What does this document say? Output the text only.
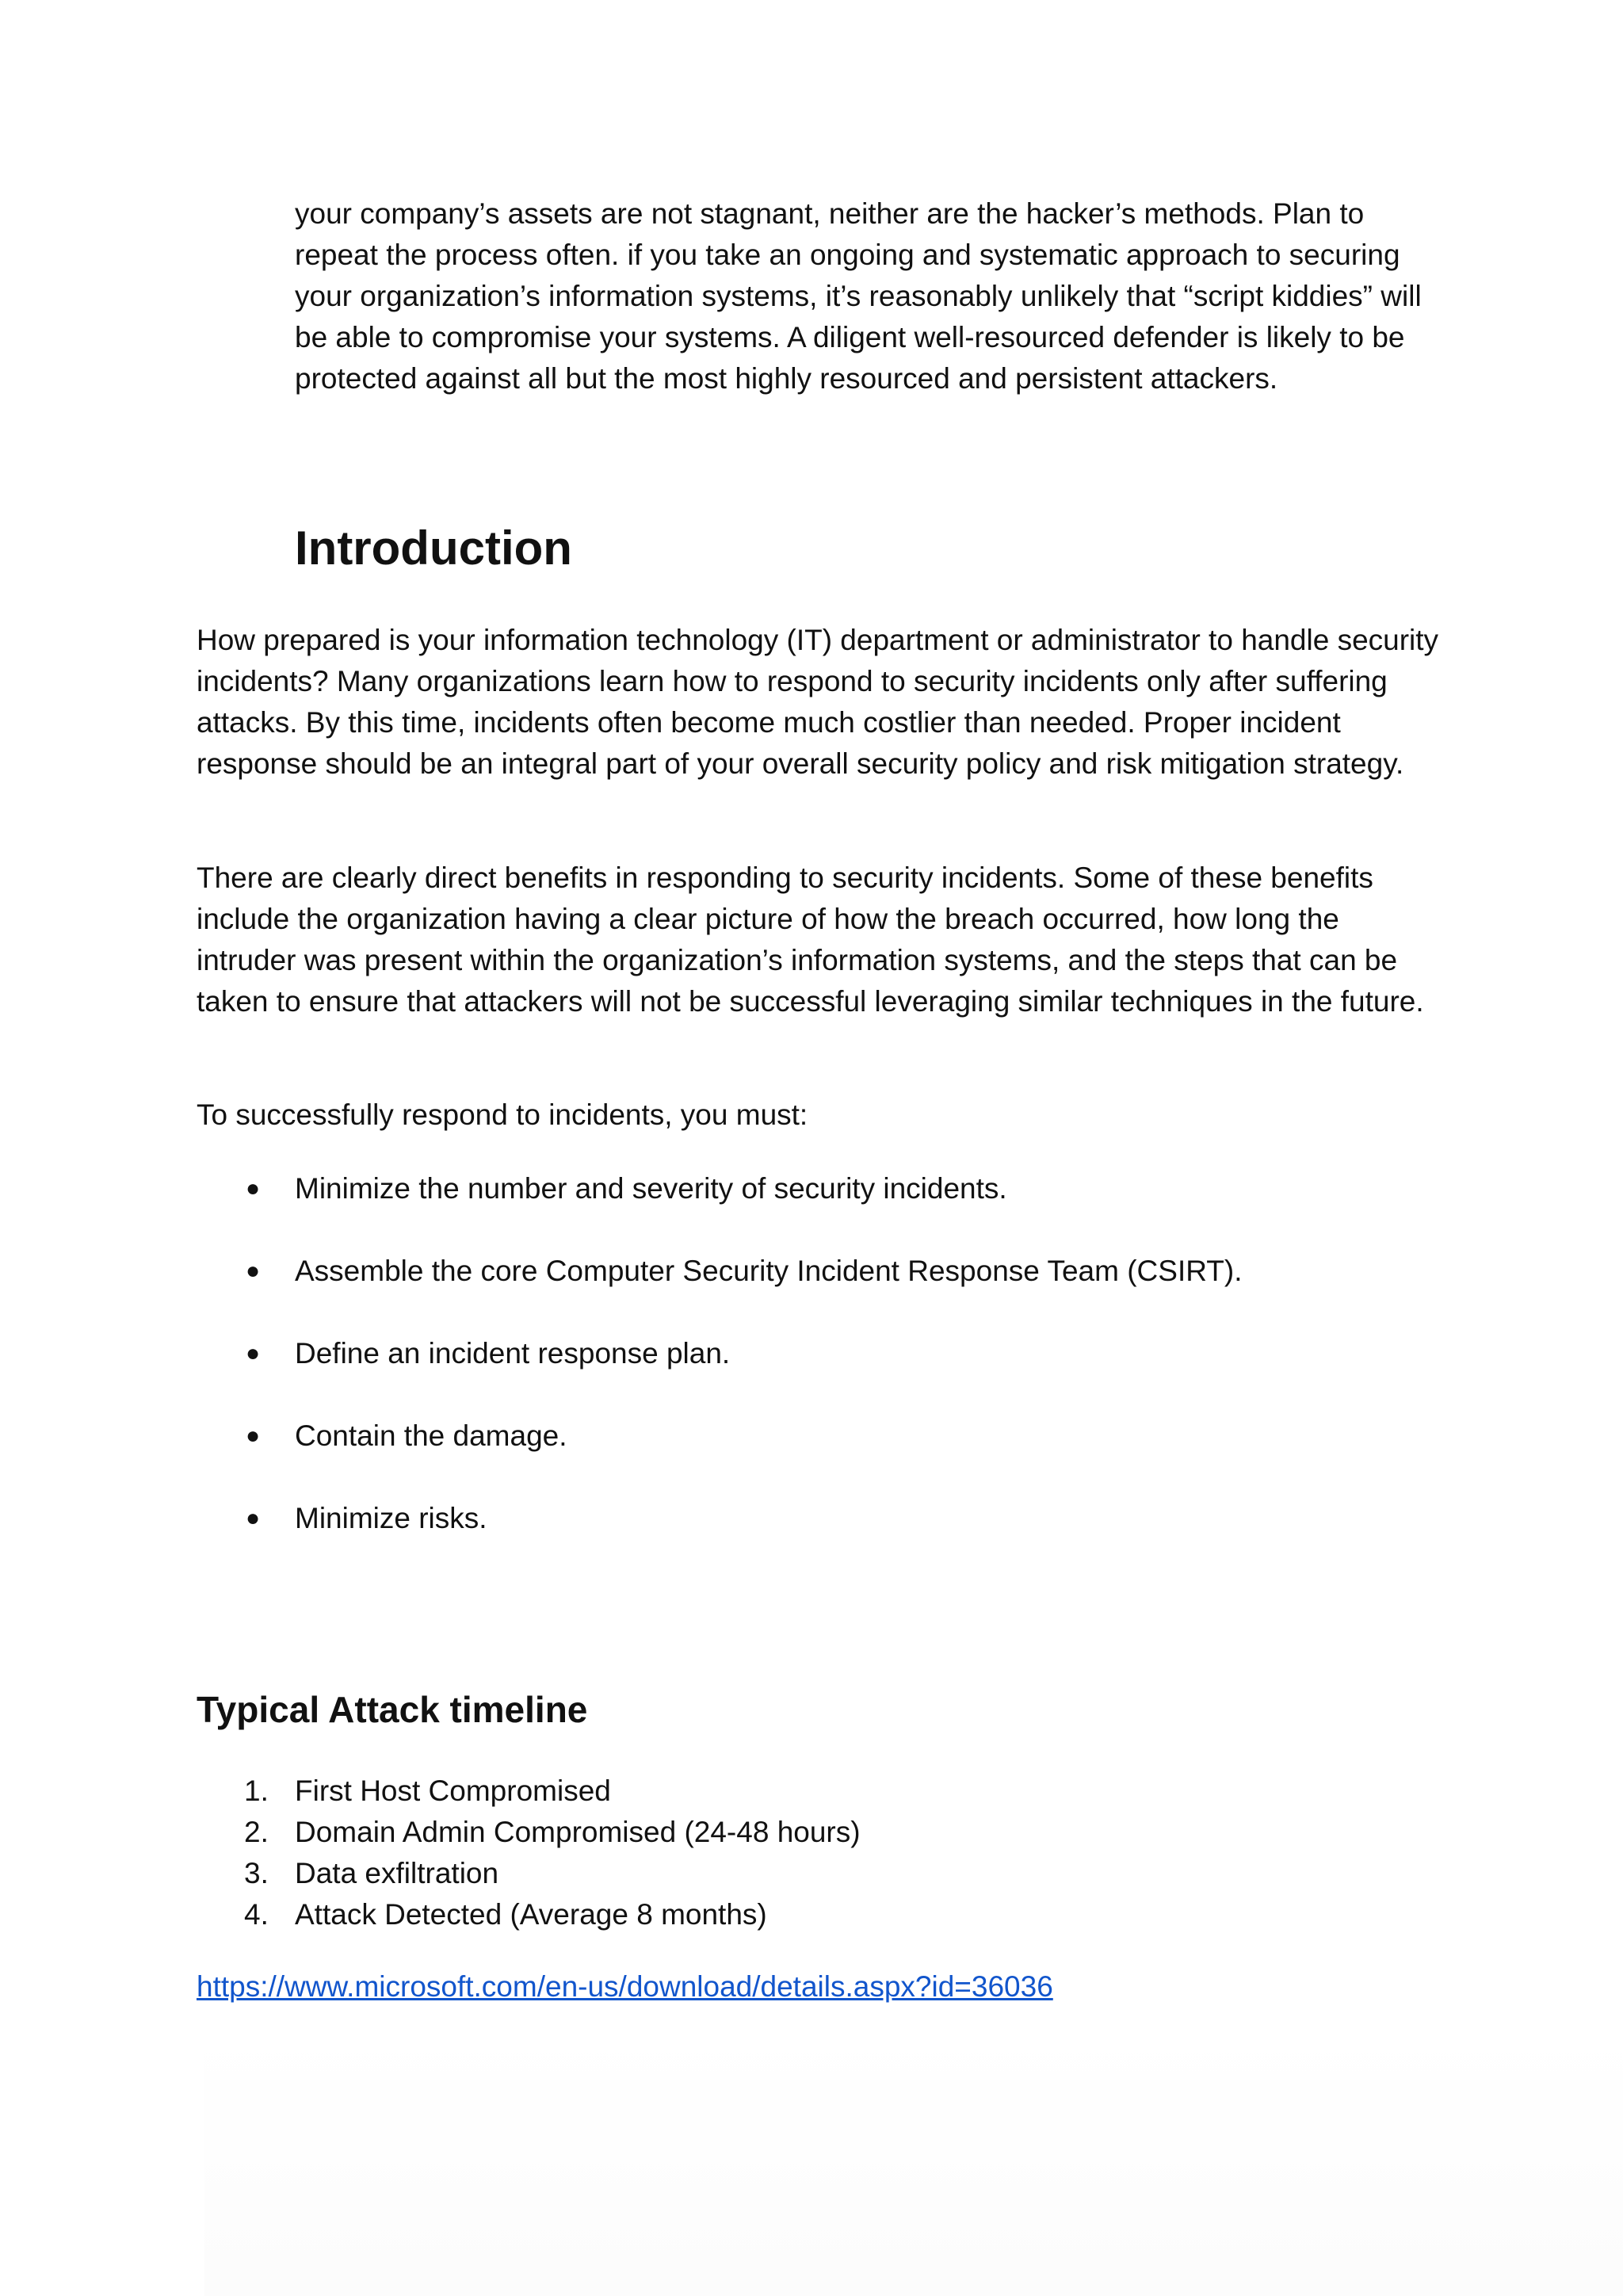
your company’s assets are not stagnant, neither are the hacker’s methods. Plan to repeat the process often. if you take an ongoing and systematic approach to securing your organization’s information systems, it’s reasonably unlikely that “script kiddies” will be able to compromise your systems. A diligent well-resourced defender is likely to be protected against all but the most highly resourced and persistent attackers.

Introduction

How prepared is your information technology (IT) department or administrator to handle security incidents? Many organizations learn how to respond to security incidents only after suffering attacks. By this time, incidents often become much costlier than needed. Proper incident response should be an integral part of your overall security policy and risk mitigation strategy.

There are clearly direct benefits in responding to security incidents. Some of these benefits include the organization having a clear picture of how the breach occurred, how long the intruder was present within the organization’s information systems, and the steps that can be taken to ensure that attackers will not be successful leveraging similar techniques in the future.

To successfully respond to incidents, you must:

● Minimize the number and severity of security incidents.
● Assemble the core Computer Security Incident Response Team (CSIRT).
● Define an incident response plan.
● Contain the damage.
● Minimize risks.
Typical Attack timeline
1. First Host Compromised
2. Domain Admin Compromised (24-48 hours)
3. Data exfiltration
4. Attack Detected (Average 8 months)
https://www.microsoft.com/en-us/download/details.aspx?id=36036
